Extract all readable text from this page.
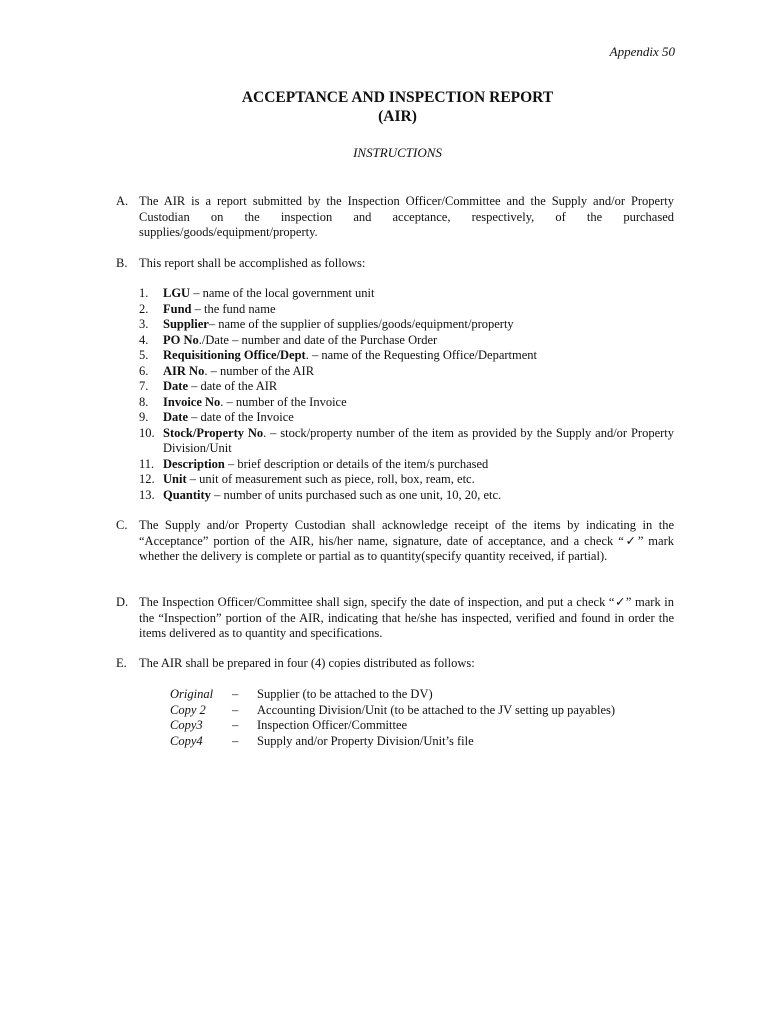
Appendix 50
ACCEPTANCE AND INSPECTION REPORT
(AIR)
INSTRUCTIONS
A. The AIR is a report submitted by the Inspection Officer/Committee and the Supply and/or Property Custodian on the inspection and acceptance, respectively, of the purchased supplies/goods/equipment/property.
B. This report shall be accomplished as follows:
1.	LGU – name of the local government unit
2.	Fund – the fund name
3.	Supplier– name of the supplier of supplies/goods/equipment/property
4.	PO No./Date – number and date of the Purchase Order
5.	Requisitioning Office/Dept. – name of the Requesting Office/Department
6.	AIR No. – number of the AIR
7.	Date – date of the AIR
8.	Invoice No. – number of the Invoice
9.	Date – date of the Invoice
10. Stock/Property No. – stock/property number of the item as provided by the Supply and/or Property Division/Unit
11. Description – brief description or details of the item/s purchased
12. Unit – unit of measurement such as piece, roll, box, ream, etc.
13. Quantity – number of units purchased such as one unit, 10, 20, etc.
C. The Supply and/or Property Custodian shall acknowledge receipt of the items by indicating in the “Acceptance” portion of the AIR, his/her name, signature, date of acceptance, and a check “✓” mark whether the delivery is complete or partial as to quantity(specify quantity received, if partial).
D. The Inspection Officer/Committee shall sign, specify the date of inspection, and put a check “✓” mark in the “Inspection” portion of the AIR, indicating that he/she has inspected, verified and found in order the items delivered as to quantity and specifications.
E. The AIR shall be prepared in four (4) copies distributed as follows:
Original	–	Supplier (to be attached to the DV)
Copy 2	–	Accounting Division/Unit (to be attached to the JV setting up payables)
Copy3	–	Inspection Officer/Committee
Copy4	–	Supply and/or Property Division/Unit’s file
